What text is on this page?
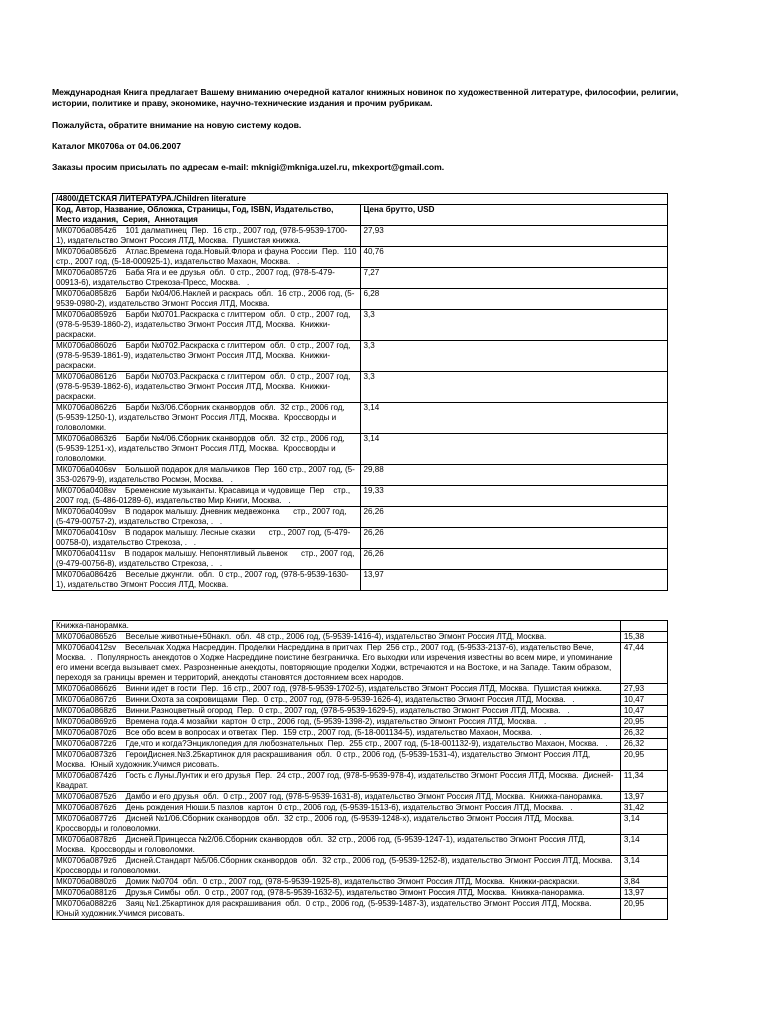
Международная Книга предлагает Вашему вниманию очередной каталог книжных новинок по художественной литературе, философии, религии, истории, политике и праву, экономике, научно-технические издания и прочим рубрикам.
Пожалуйста, обратите внимание на новую систему кодов.
Каталог МК0706а от 04.06.2007
Заказы просим присылать по адресам e-mail: mknigi@mkniga.uzel.ru, mkexport@gmail.com.
/4800/ДЕТСКАЯ ЛИТЕРАТУРА./Children literature	
Код, Автор, Название, Обложка, Страницы, Год, ISBN, Издательство, Место издания,  Серия,  Аннотация	Цена брутто, USD
МК0706а0854z6    101 далматинец  Пер.  16 стр., 2007 год, (978-5-9539-1700-1), издательство Эгмонт Россия ЛТД, Москва.  Пушистая книжка.	27,93
МК0706а0856z6    Атлас.Времена года.Новый.Флора и фауна России  Пер.  110 стр., 2007 год, (5-18-000925-1), издательство Махаон, Москва.   .	40,76
МК0706а0857z6    Баба Яга и ее друзья  обл.  0 стр., 2007 год, (978-5-479-00913-6), издательство Стрекоза-Пресс, Москва.   .	7,27
МК0706а0858z6    Барби №04/06.Наклей и раскрась  обл.  16 стр., 2006 год, (5-9539-0980-2), издательство Эгмонт Россия ЛТД, Москва.	6,28
МК0706а0859z6    Барби №0701.Раскраска с глиттером  обл.  0 стр., 2007 год, (978-5-9539-1860-2), издательство Эгмонт Россия ЛТД, Москва.  Книжки-раскраски.	3,3
МК0706а0860z6    Барби №0702.Раскраска с глиттером  обл.  0 стр., 2007 год, (978-5-9539-1861-9), издательство Эгмонт Россия ЛТД, Москва.  Книжки-раскраски.	3,3
МК0706а0861z6    Барби №0703.Раскраска с глиттером  обл.  0 стр., 2007 год, (978-5-9539-1862-6), издательство Эгмонт Россия ЛТД, Москва.  Книжки-раскраски.	3,3
МК0706а0862z6    Барби №3/06.Сборник сканвордов  обл.  32 стр., 2006 год, (5-9539-1250-1), издательство Эгмонт Россия ЛТД, Москва.  Кроссворды и головоломки.	3,14
МК0706а0863z6    Барби №4/06.Сборник сканвордов  обл.  32 стр., 2006 год, (5-9539-1251-x), издательство Эгмонт Россия ЛТД, Москва.  Кроссворды и головоломки.	3,14
МК0706а0406sv    Большой подарок для мальчиков  Пер  160 стр., 2007 год, (5-353-02679-9), издательство Росмэн, Москва.   .	29,88
МК0706а0408sv    Бременские музыканты. Красавица и чудовище  Пер    стр., 2007 год, (5-486-01289-6), издательство Мир Книги, Москва.   .	19,33
МК0706а0409sv    В подарок малышу. Дневник медвежонка      стр., 2007 год, (5-479-00757-2), издательство Стрекоза, .   .	26,26
МК0706а0410sv    В подарок малышу. Лесные сказки      стр., 2007 год, (5-479-00758-0), издательство Стрекоза, .   .	26,26
МК0706а0411sv    В подарок малышу. Непонятливый львенок      стр., 2007 год, (9-479-00756-8), издательство Стрекоза, .   .	26,26
МК0706а0864z6    Веселые джунгли.  обл.  0 стр., 2007 год, (978-5-9539-1630-1), издательство Эгмонт Россия ЛТД, Москва.	13,97
Книжка-панорамка.	
МК0706а0865z6    Веселые животные+50накл.  обл.  48 стр., 2006 год, (5-9539-1416-4), издательство Эгмонт Россия ЛТД, Москва.	15,38
МК0706а0412sv    Весельчак Ходжа Насреддин. Проделки Насреддина в притчах  Пер  256 стр., 2007 год, (5-9533-2137-6), издательство Вече, Москва.  .  Популярность анекдотов о Ходже Насреддине поистине безграничка. Его выходки или изречения известны во всем мире, и упоминание его имени всегда вызывает смех. Разрозненные анекдоты, повторяющие проделки Ходжи, встречаются и на Востоке, и на Западе. Таким образом, переходя за границы времен и территорий, анекдоты становятся достоянием всех народов.	47,44
МК0706а0866z6    Винни идет в гости  Пер.  16 стр., 2007 год, (978-5-9539-1702-5), издательство Эгмонт Россия ЛТД, Москва.  Пушистая книжка.	27,93
МК0706а0867z6    Винни.Охота за сокровищами  Пер.  0 стр., 2007 год, (978-5-9539-1626-4), издательство Эгмонт Россия ЛТД, Москва.   .	10,47
МК0706а0868z6    Винни.Разноцветный огород  Пер.  0 стр., 2007 год, (978-5-9539-1629-5), издательство Эгмонт Россия ЛТД, Москва.   .	10,47
МК0706а0869z6    Времена года.4 мозайки  картон  0 стр., 2006 год, (5-9539-1398-2), издательство Эгмонт Россия ЛТД, Москва.   .	20,95
МК0706а0870z6    Все обо всем в вопросах и ответах  Пер.  159 стр., 2007 год, (5-18-001134-5), издательство Махаон, Москва.   .	26,32
МК0706а0872z6    Где,что и когда?Энциклопедия для любознательных  Пер.  255 стр., 2007 год, (5-18-001132-9), издательство Махаон, Москва.   .	26,32
МК0706а0873z6    ГероиДиснея.№3.25картинок для раскрашивания  обл.  0 стр., 2006 год, (5-9539-1531-4), издательство Эгмонт Россия ЛТД, Москва.  Юный художник.Учимся рисовать.	20,95
МК0706а0874z6    Гость с Луны.Лунтик и его друзья  Пер.  24 стр., 2007 год, (978-5-9539-978-4), издательство Эгмонт Россия ЛТД, Москва.  Дисней-Квадрат.	11,34
МК0706а0875z6    Дамбо и его друзья  обл.  0 стр., 2007 год, (978-5-9539-1631-8), издательство Эгмонт Россия ЛТД, Москва.  Книжка-панорамка.	13,97
МК0706а0876z6    День рождения Нюши.5 пазлов  картон  0 стр., 2006 год, (5-9539-1513-6), издательство Эгмонт Россия ЛТД, Москва.   .	31,42
МК0706а0877z6    Дисней №1/06.Сборник сканвордов  обл.  32 стр., 2006 год, (5-9539-1248-x), издательство Эгмонт Россия ЛТД, Москва.  Кроссворды и головоломки.	3,14
МК0706а0878z6    Дисней.Принцесса №2/06.Сборник сканвордов  обл.  32 стр., 2006 год, (5-9539-1247-1), издательство Эгмонт Россия ЛТД, Москва.  Кроссворды и головоломки.	3,14
МК0706а0879z6    Дисней.Стандарт №5/06.Сборник сканвордов  обл.  32 стр., 2006 год, (5-9539-1252-8), издательство Эгмонт Россия ЛТД, Москва.  Кроссворды и головоломки.	3,14
МК0706а0880z6    Домик №0704  обл.  0 стр., 2007 год, (978-5-9539-1925-8), издательство Эгмонт Россия ЛТД, Москва.  Книжки-раскраски.	3,84
МК0706а0881z6    Друзья Симбы  обл.  0 стр., 2007 год, (978-5-9539-1632-5), издательство Эгмонт Россия ЛТД, Москва.  Книжка-панорамка.	13,97
МК0706а0882z6    Заяц №1.25картинок для раскрашивания  обл.  0 стр., 2006 год, (5-9539-1487-3), издательство Эгмонт Россия ЛТД, Москва.  Юный художник.Учимся рисовать.	20,95
